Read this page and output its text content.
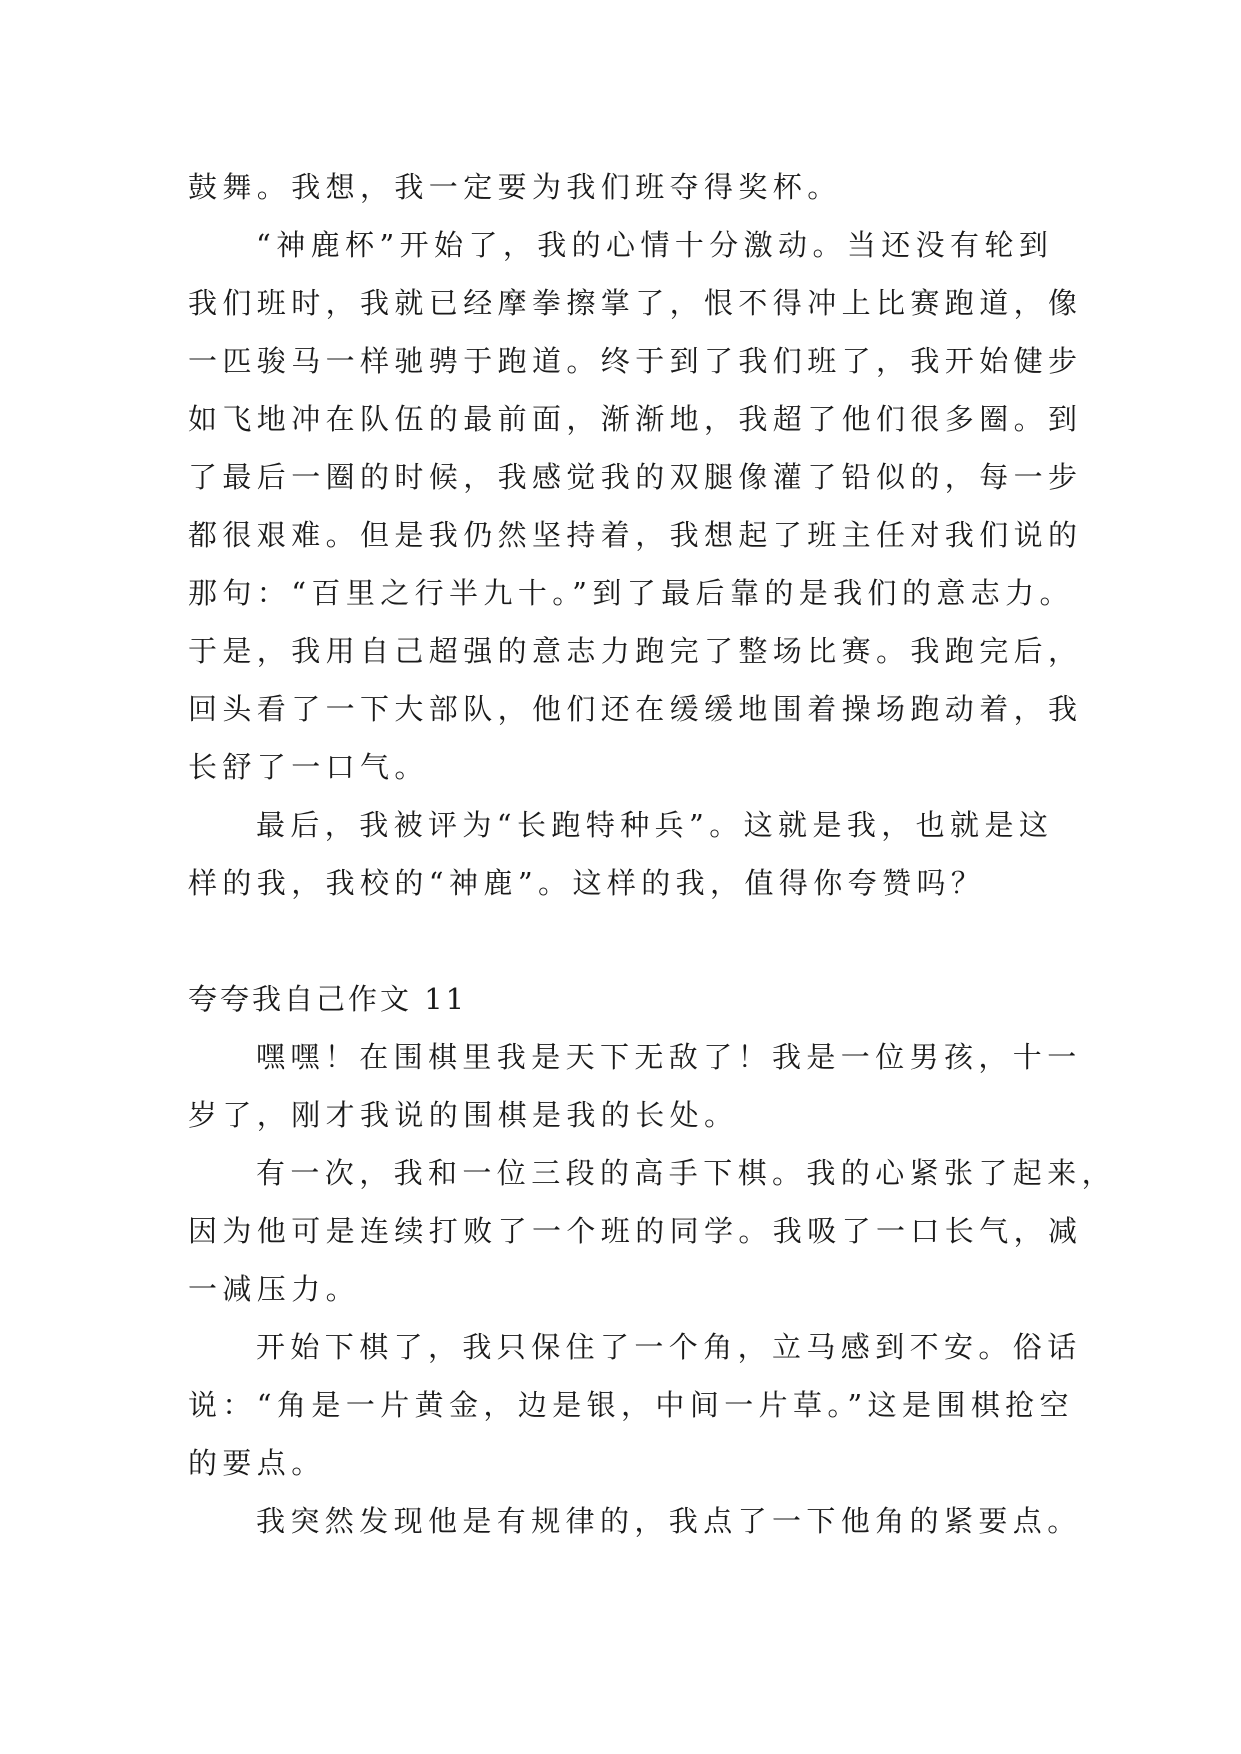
鼓舞。我想，我一定要为我们班夺得奖杯。
“神鹿杯”开始了，我的心情十分激动。当还没有轮到
我们班时，我就已经摩拳擦掌了，恨不得冲上比赛跑道，像
一匹骏马一样驰骋于跑道。终于到了我们班了，我开始健步
如飞地冲在队伍的最前面，渐渐地，我超了他们很多圈。到
了最后一圈的时候，我感觉我的双腿像灌了铅似的，每一步
都很艰难。但是我仍然坚持着，我想起了班主任对我们说的
那句：“百里之行半九十。”到了最后靠的是我们的意志力。
于是，我用自己超强的意志力跑完了整场比赛。我跑完后，
回头看了一下大部队，他们还在缓缓地围着操场跑动着，我
长舒了一口气。
最后，我被评为“长跑特种兵”。这就是我，也就是这
样的我，我校的“神鹿”。这样的我，值得你夸赞吗？
夸夸我自己作文 11
嘿嘿！在围棋里我是天下无敌了！我是一位男孩，十一
岁了，刚才我说的围棋是我的长处。
有一次，我和一位三段的高手下棋。我的心紧张了起来，
因为他可是连续打败了一个班的同学。我吸了一口长气，减
一减压力。
开始下棋了，我只保住了一个角，立马感到不安。俗话
说：“角是一片黄金，边是银，中间一片草。”这是围棋抢空
的要点。
我突然发现他是有规律的，我点了一下他角的紧要点。
